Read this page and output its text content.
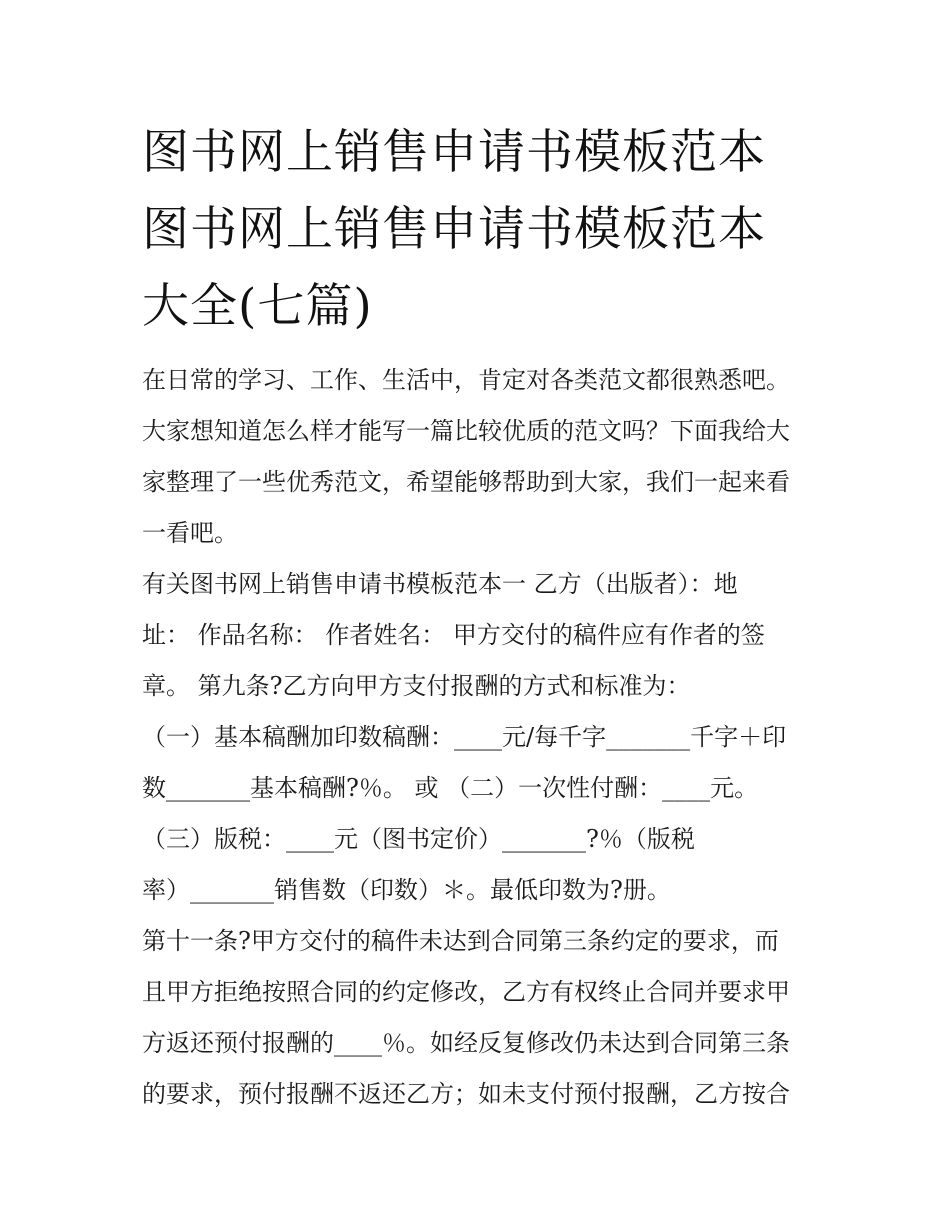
图书网上销售申请书模板范本
图书网上销售申请书模板范本
大全(七篇)
在日常的学习、工作、生活中，肯定对各类范文都很熟悉吧。
大家想知道怎么样才能写一篇比较优质的范文吗？下面我给大
家整理了一些优秀范文，希望能够帮助到大家，我们一起来看
一看吧。
有关图书网上销售申请书模板范本一 乙方（出版者）：地
址： 作品名称： 作者姓名： 甲方交付的稿件应有作者的签
章。 第九条?乙方向甲方支付报酬的方式和标准为：
（一）基本稿酬加印数稿酬：____元/每千字_______千字＋印
数_______基本稿酬?％。 或 （二）一次性付酬：____元。
（三）版税：____元（图书定价）_______?％（版税
率）_______销售数（印数）＊。最低印数为?册。
第十一条?甲方交付的稿件未达到合同第三条约定的要求，而
且甲方拒绝按照合同的约定修改，乙方有权终止合同并要求甲
方返还预付报酬的____％。如经反复修改仍未达到合同第三条
的要求，预付报酬不返还乙方；如未支付预付报酬，乙方按合
